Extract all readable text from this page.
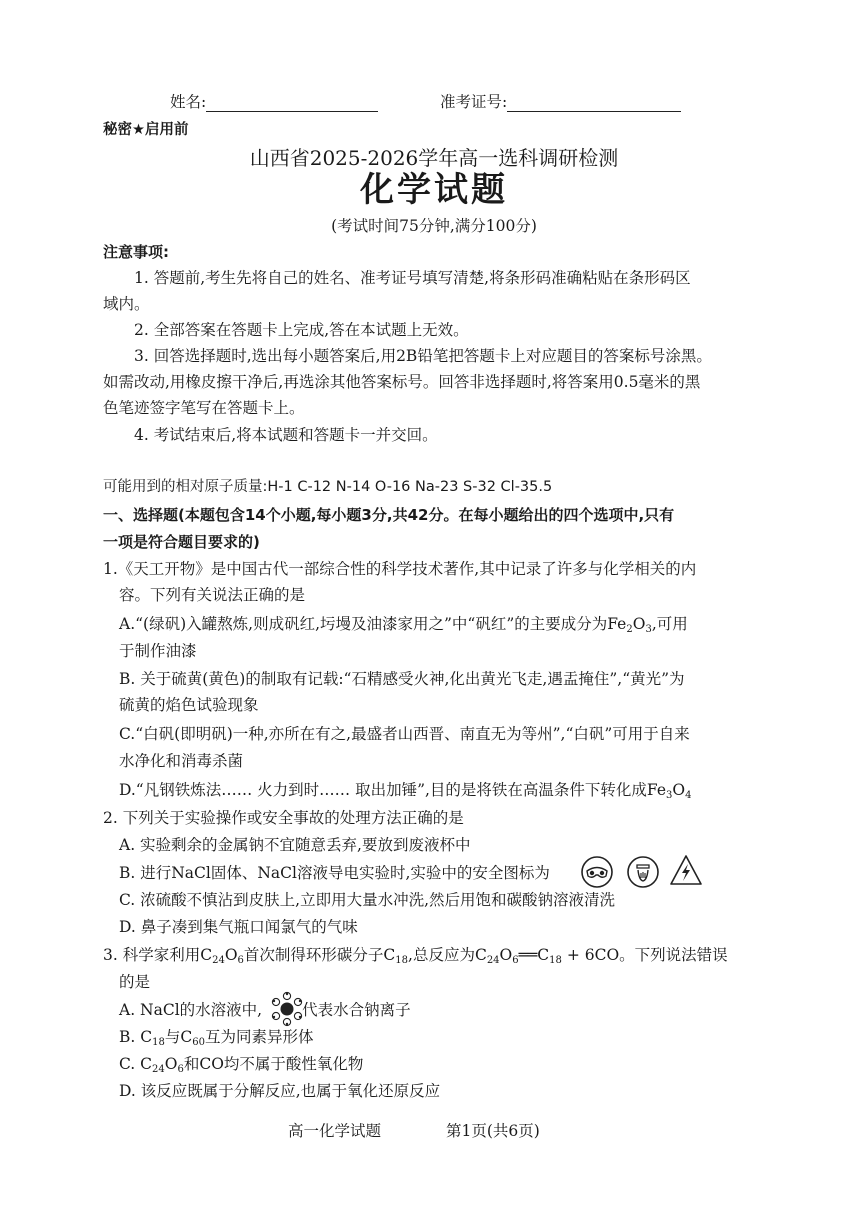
姓名:	准考证号:
秘密★启用前
山西省2025-2026学年高一选科调研检测
化学试题
(考试时间75分钟,满分100分)
注意事项:
1. 答题前,考生先将自己的姓名、准考证号填写清楚,将条形码准确粘贴在条形码区
域内。
2. 全部答案在答题卡上完成,答在本试题上无效。
3. 回答选择题时,选出每小题答案后,用2B铅笔把答题卡上对应题目的答案标号涂黑。
如需改动,用橡皮擦干净后,再选涂其他答案标号。回答非选择题时,将答案用0.5毫米的黑
色笔迹签字笔写在答题卡上。
4. 考试结束后,将本试题和答题卡一并交回。
可能用到的相对原子质量:H-1 C-12 N-14 O-16 Na-23 S-32 Cl-35.5
一、选择题(本题包含14个小题,每小题3分,共42分。在每小题给出的四个选项中,只有
一项是符合题目要求的)
1.《天工开物》是中国古代一部综合性的科学技术著作,其中记录了许多与化学相关的内
容。下列有关说法正确的是
A.“(绿矾)入罐熬炼,则成矾红,圬墁及油漆家用之”中“矾红”的主要成分为$Fe_2O_3$,可用
于制作油漆
B. 关于硫黄(黄色)的制取有记载:“石精感受火神,化出黄光飞走,遇盂掩住”,“黄光”为
硫黄的焰色试验现象
C.“白矾(即明矾)一种,亦所在有之,最盛者山西晋、南直无为等州”,“白矾”可用于自来
水净化和消毒杀菌
D.“凡钢铁炼法…… 火力到时…… 取出加锤”,目的是将铁在高温条件下转化成$Fe_3O_4$
2. 下列关于实验操作或安全事故的处理方法正确的是
A. 实验剩余的金属钠不宜随意丢弃,要放到废液杯中
B. 进行NaCl固体、NaCl溶液导电实验时,实验中的安全图标为
C. 浓硫酸不慎沾到皮肤上,立即用大量水冲洗,然后用饱和碳酸钠溶液清洗
D. 鼻子凑到集气瓶口闻氯气的气味
3. 科学家利用$C_{24}O_6$首次制得环形碳分子$C_{18}$,总反应为$C_{24}O_6══C_{18} + 6CO$。下列说法错误
的是
A. NaCl的水溶液中,	代表水合钠离子
B. $C_{18}$与$C_{60}$互为同素异形体
C. $C_{24}O_6$和CO均不属于酸性氧化物
D. 该反应既属于分解反应,也属于氧化还原反应
高一化学试题	第1页(共6页)
